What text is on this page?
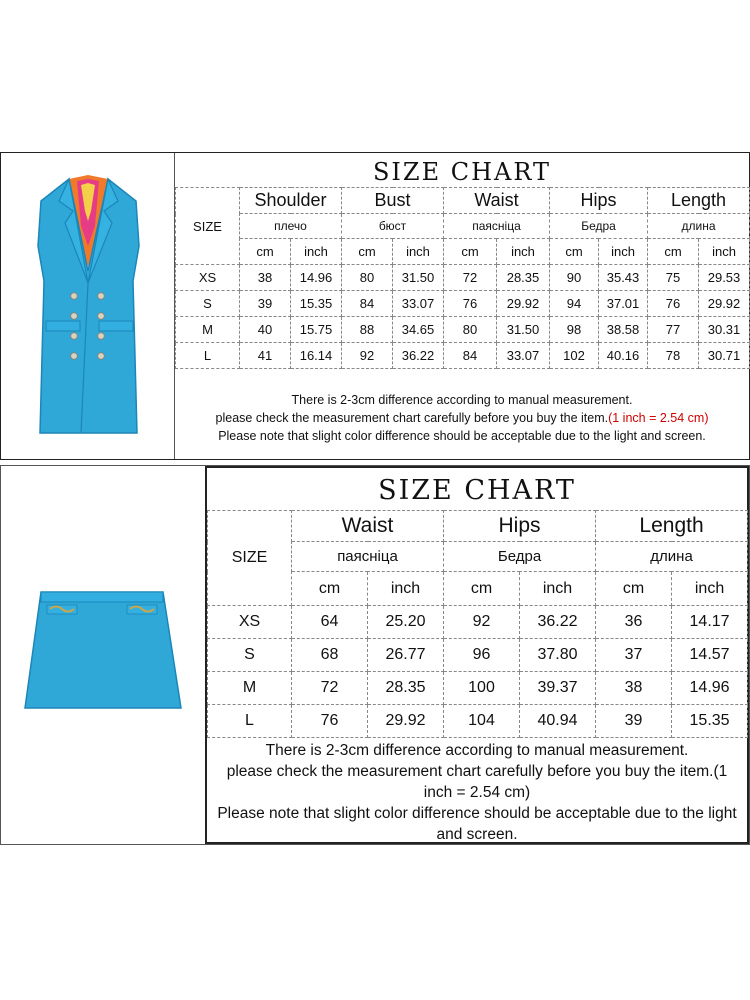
SIZE CHART
SIZE	Shoulder		Bust		Waist		Hips		Length	
	плечо		бюст		паясніца		Бедра		длина	
	cm	inch	cm	inch	cm	inch	cm	inch	cm	inch
XS	38	14.96	80	31.50	72	28.35	90	35.43	75	29.53
S	39	15.35	84	33.07	76	29.92	94	37.01	76	29.92
M	40	15.75	88	34.65	80	31.50	98	38.58	77	30.31
L	41	16.14	92	36.22	84	33.07	102	40.16	78	30.71
There is 2-3cm difference according to manual measurement.
please check the measurement chart carefully before you buy the item.(1 inch = 2.54 cm)
Please note that slight color difference should be acceptable due to the light and screen.
SIZE CHART
SIZE	Waist		Hips		Length	
	паясніца		Бедра		длина	
	cm	inch	cm	inch	cm	inch
XS	64	25.20	92	36.22	36	14.17
S	68	26.77	96	37.80	37	14.57
M	72	28.35	100	39.37	38	14.96
L	76	29.92	104	40.94	39	15.35
There is 2-3cm difference according to manual measurement.
please check the measurement chart carefully before you buy the item.(1 inch = 2.54 cm)
Please note that slight color difference should be acceptable due to the light and screen.
